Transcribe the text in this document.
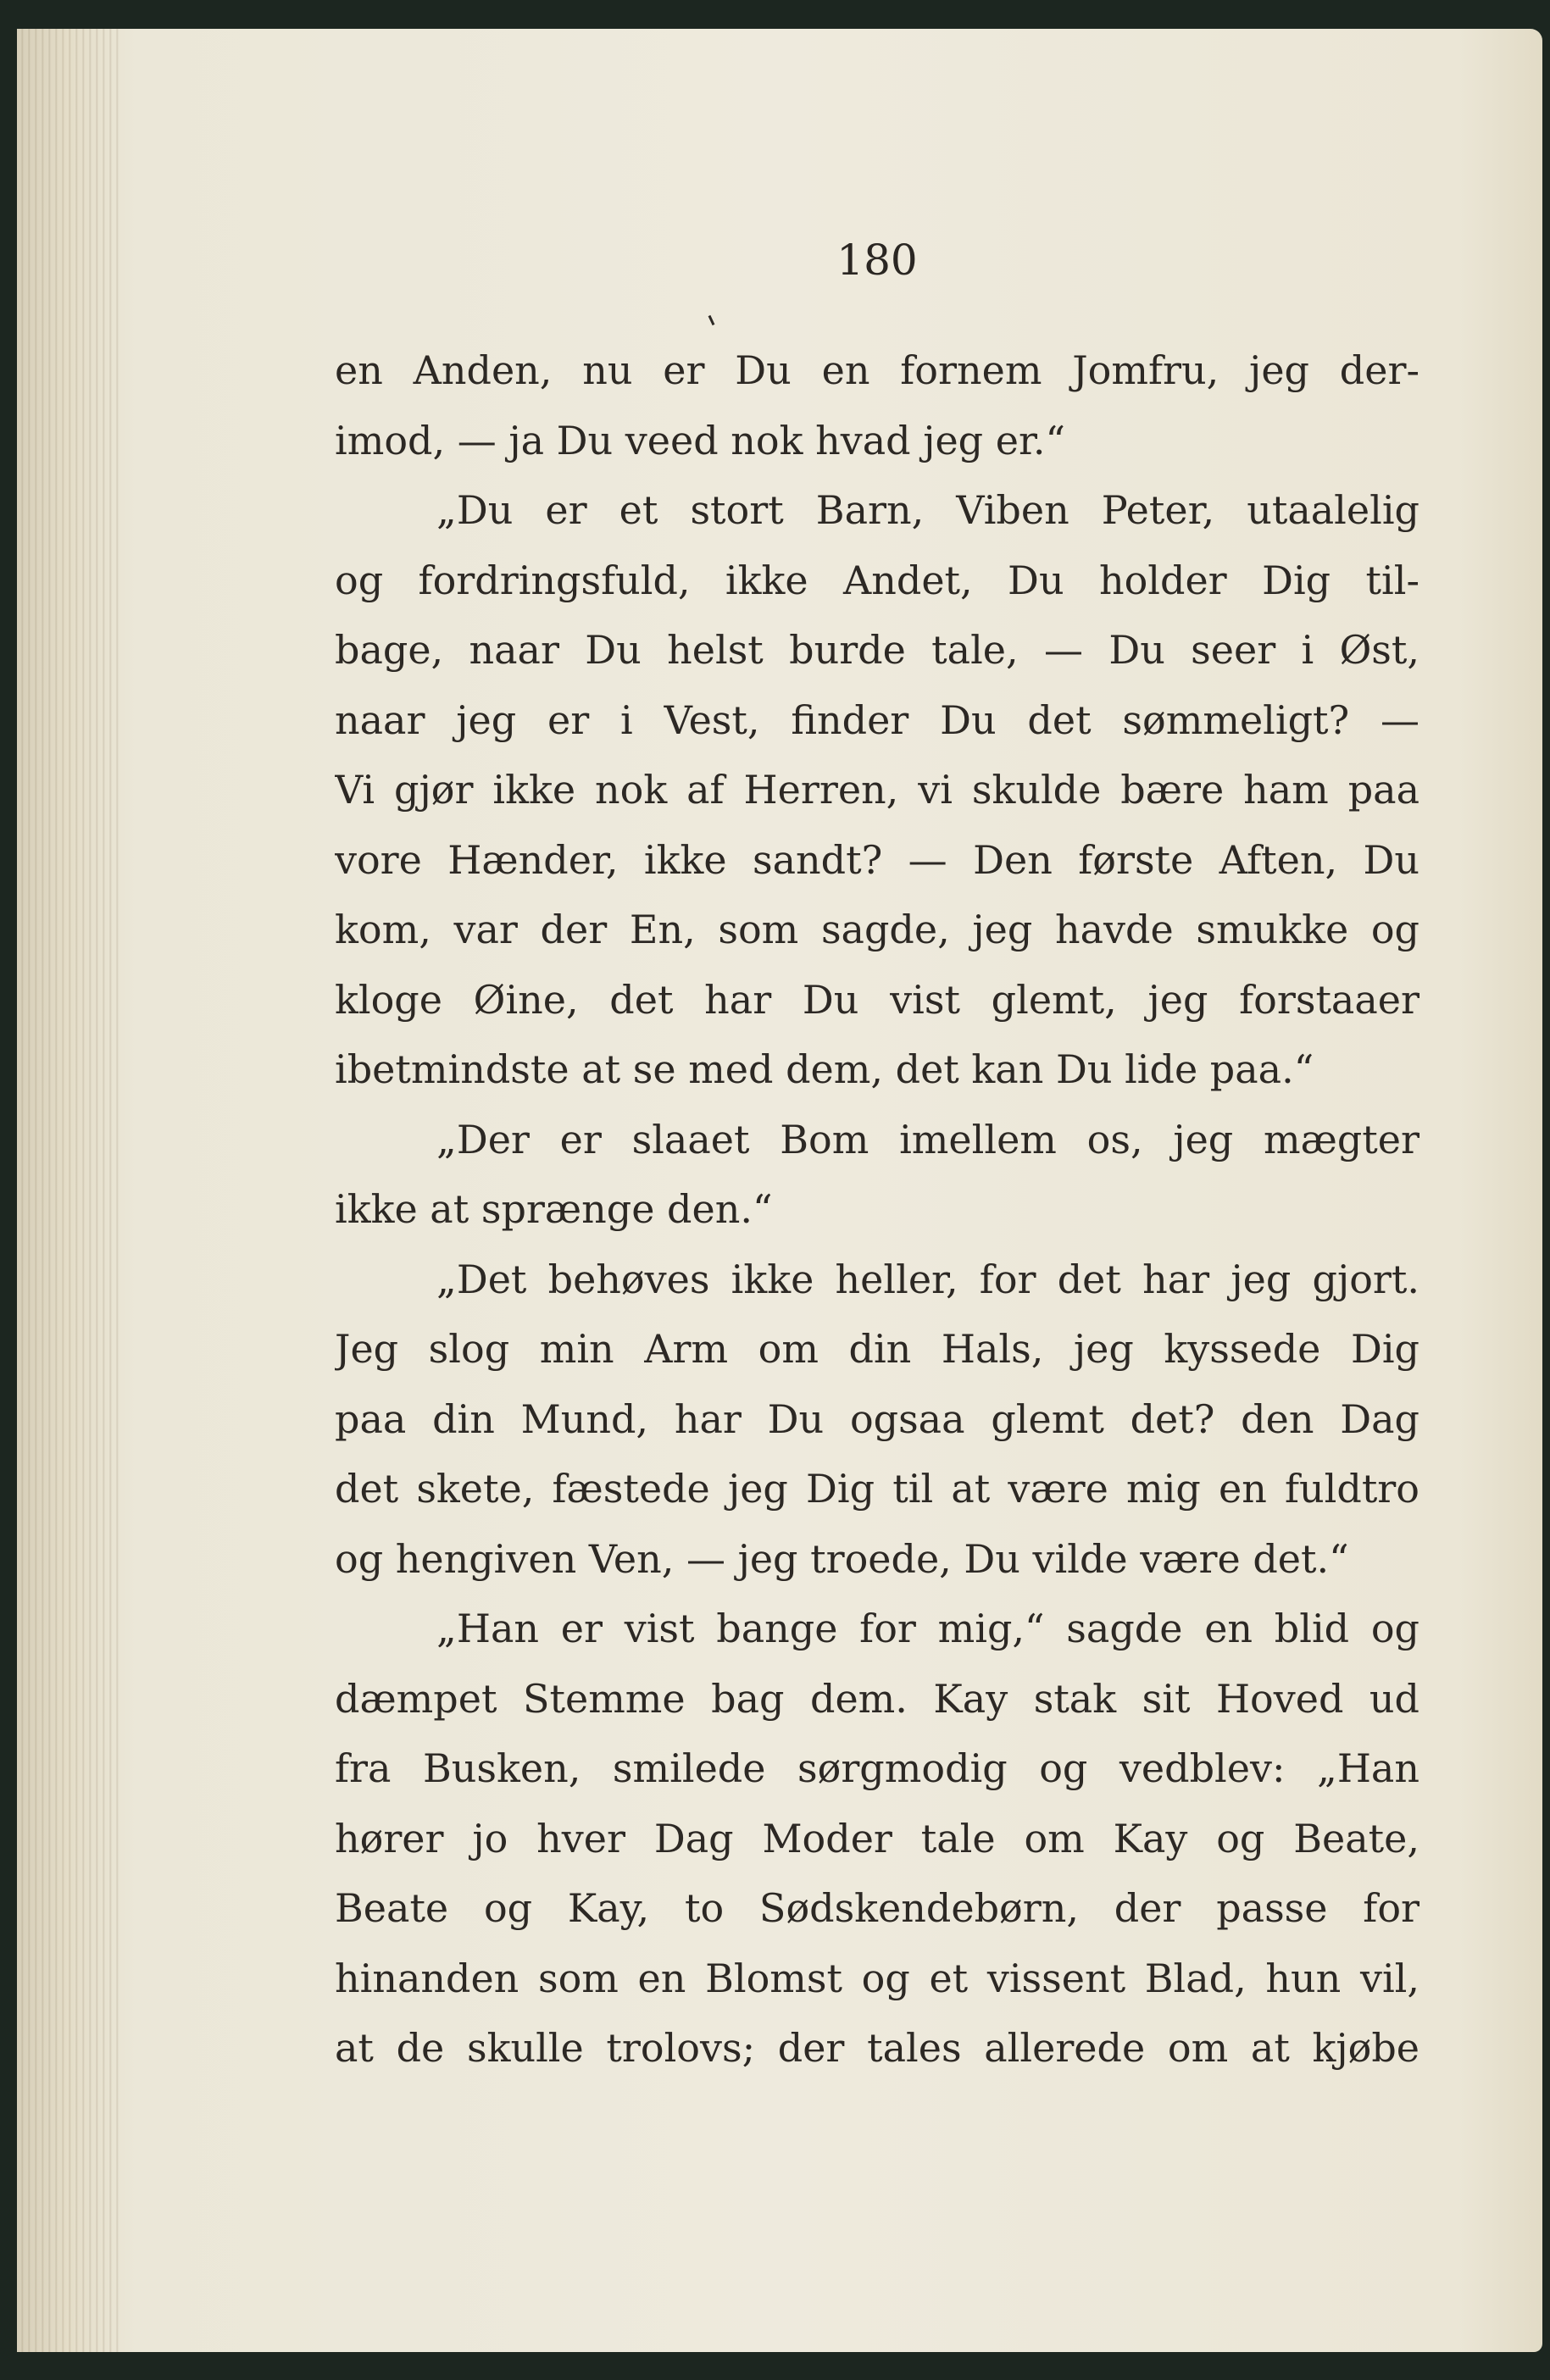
180
en Anden, nu er Du en fornem Jomfru, jeg der-
imod, — ja Du veed nok hvad jeg er.“
„Du er et stort Barn, Viben Peter, utaalelig
og fordringsfuld, ikke Andet, Du holder Dig til-
bage, naar Du helst burde tale, — Du seer i Øst,
naar jeg er i Vest, finder Du det sømmeligt? —
Vi gjør ikke nok af Herren, vi skulde bære ham paa
vore Hænder, ikke sandt? — Den første Aften, Du
kom, var der En, som sagde, jeg havde smukke og
kloge Øine, det har Du vist glemt, jeg forstaaer
ibetmindste at se med dem, det kan Du lide paa.“
„Der er slaaet Bom imellem os, jeg mægter
ikke at sprænge den.“
„Det behøves ikke heller, for det har jeg gjort.
Jeg slog min Arm om din Hals, jeg kyssede Dig
paa din Mund, har Du ogsaa glemt det? den Dag
det skete, fæstede jeg Dig til at være mig en fuldtro
og hengiven Ven, — jeg troede, Du vilde være det.“
„Han er vist bange for mig,“ sagde en blid og
dæmpet Stemme bag dem. Kay stak sit Hoved ud
fra Busken, smilede sørgmodig og vedblev: „Han
hører jo hver Dag Moder tale om Kay og Beate,
Beate og Kay, to Sødskendebørn, der passe for
hinanden som en Blomst og et vissent Blad, hun vil,
at de skulle trolovs; der tales allerede om at kjøbe
